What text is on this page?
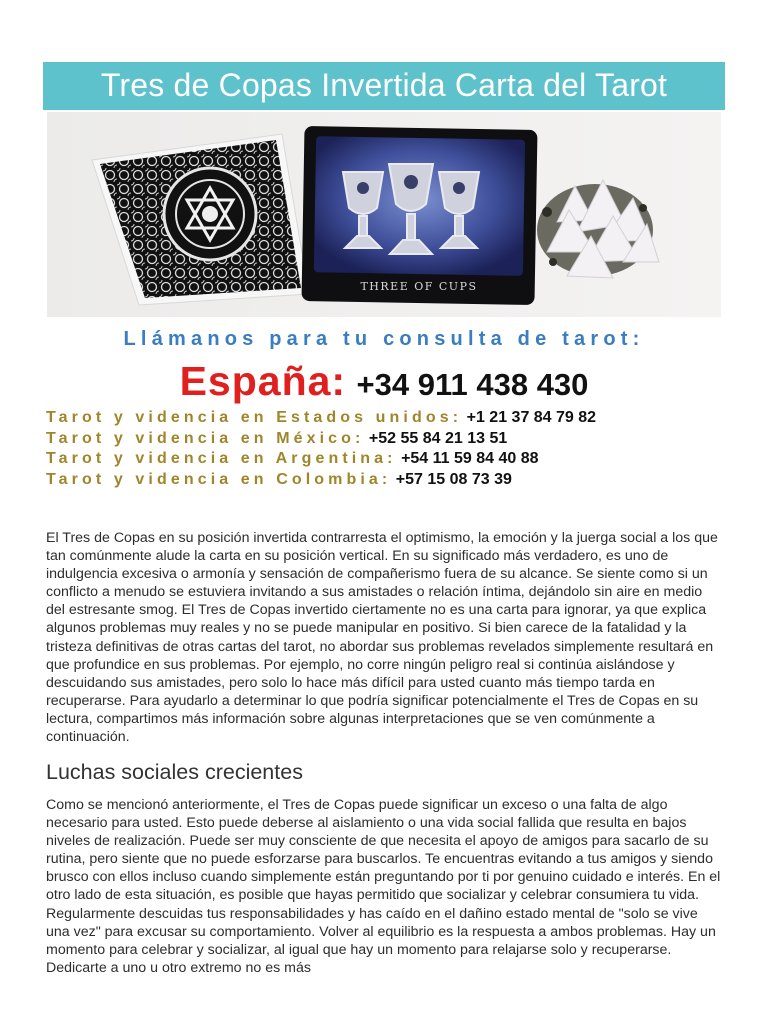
Tres de Copas Invertida Carta del Tarot
THREE OF CUPS
Llámanos para tu consulta de tarot:
España: +34 911 438 430
Tarot y videncia en Estados unidos: +1 21 37 84 79 82
Tarot y videncia en México: +52 55 84 21 13 51
Tarot y videncia en Argentina: +54 11 59 84 40 88
Tarot y videncia en Colombia: +57 15 08 73 39

El Tres de Copas en su posición invertida contrarresta el optimismo, la emoción y la juerga social a los que tan comúnmente alude la carta en su posición vertical. En su significado más verdadero, es uno de indulgencia excesiva o armonía y sensación de compañerismo fuera de su alcance. Se siente como si un conflicto a menudo se estuviera invitando a sus amistades o relación íntima, dejándolo sin aire en medio del estresante smog. El Tres de Copas invertido ciertamente no es una carta para ignorar, ya que explica algunos problemas muy reales y no se puede manipular en positivo. Si bien carece de la fatalidad y la tristeza definitivas de otras cartas del tarot, no abordar sus problemas revelados simplemente resultará en que profundice en sus problemas. Por ejemplo, no corre ningún peligro real si continúa aislándose y descuidando sus amistades, pero solo lo hace más difícil para usted cuanto más tiempo tarda en recuperarse. Para ayudarlo a determinar lo que podría significar potencialmente el Tres de Copas en su lectura, compartimos más información sobre algunas interpretaciones que se ven comúnmente a continuación.

Luchas sociales crecientes

Como se mencionó anteriormente, el Tres de Copas puede significar un exceso o una falta de algo necesario para usted. Esto puede deberse al aislamiento o una vida social fallida que resulta en bajos niveles de realización. Puede ser muy consciente de que necesita el apoyo de amigos para sacarlo de su rutina, pero siente que no puede esforzarse para buscarlos. Te encuentras evitando a tus amigos y siendo brusco con ellos incluso cuando simplemente están preguntando por ti por genuino cuidado e interés. En el otro lado de esta situación, es posible que hayas permitido que socializar y celebrar consumiera tu vida. Regularmente descuidas tus responsabilidades y has caído en el dañino estado mental de "solo se vive una vez" para excusar su comportamiento. Volver al equilibrio es la respuesta a ambos problemas. Hay un momento para celebrar y socializar, al igual que hay un momento para relajarse solo y recuperarse. Dedicarte a uno u otro extremo no es más
